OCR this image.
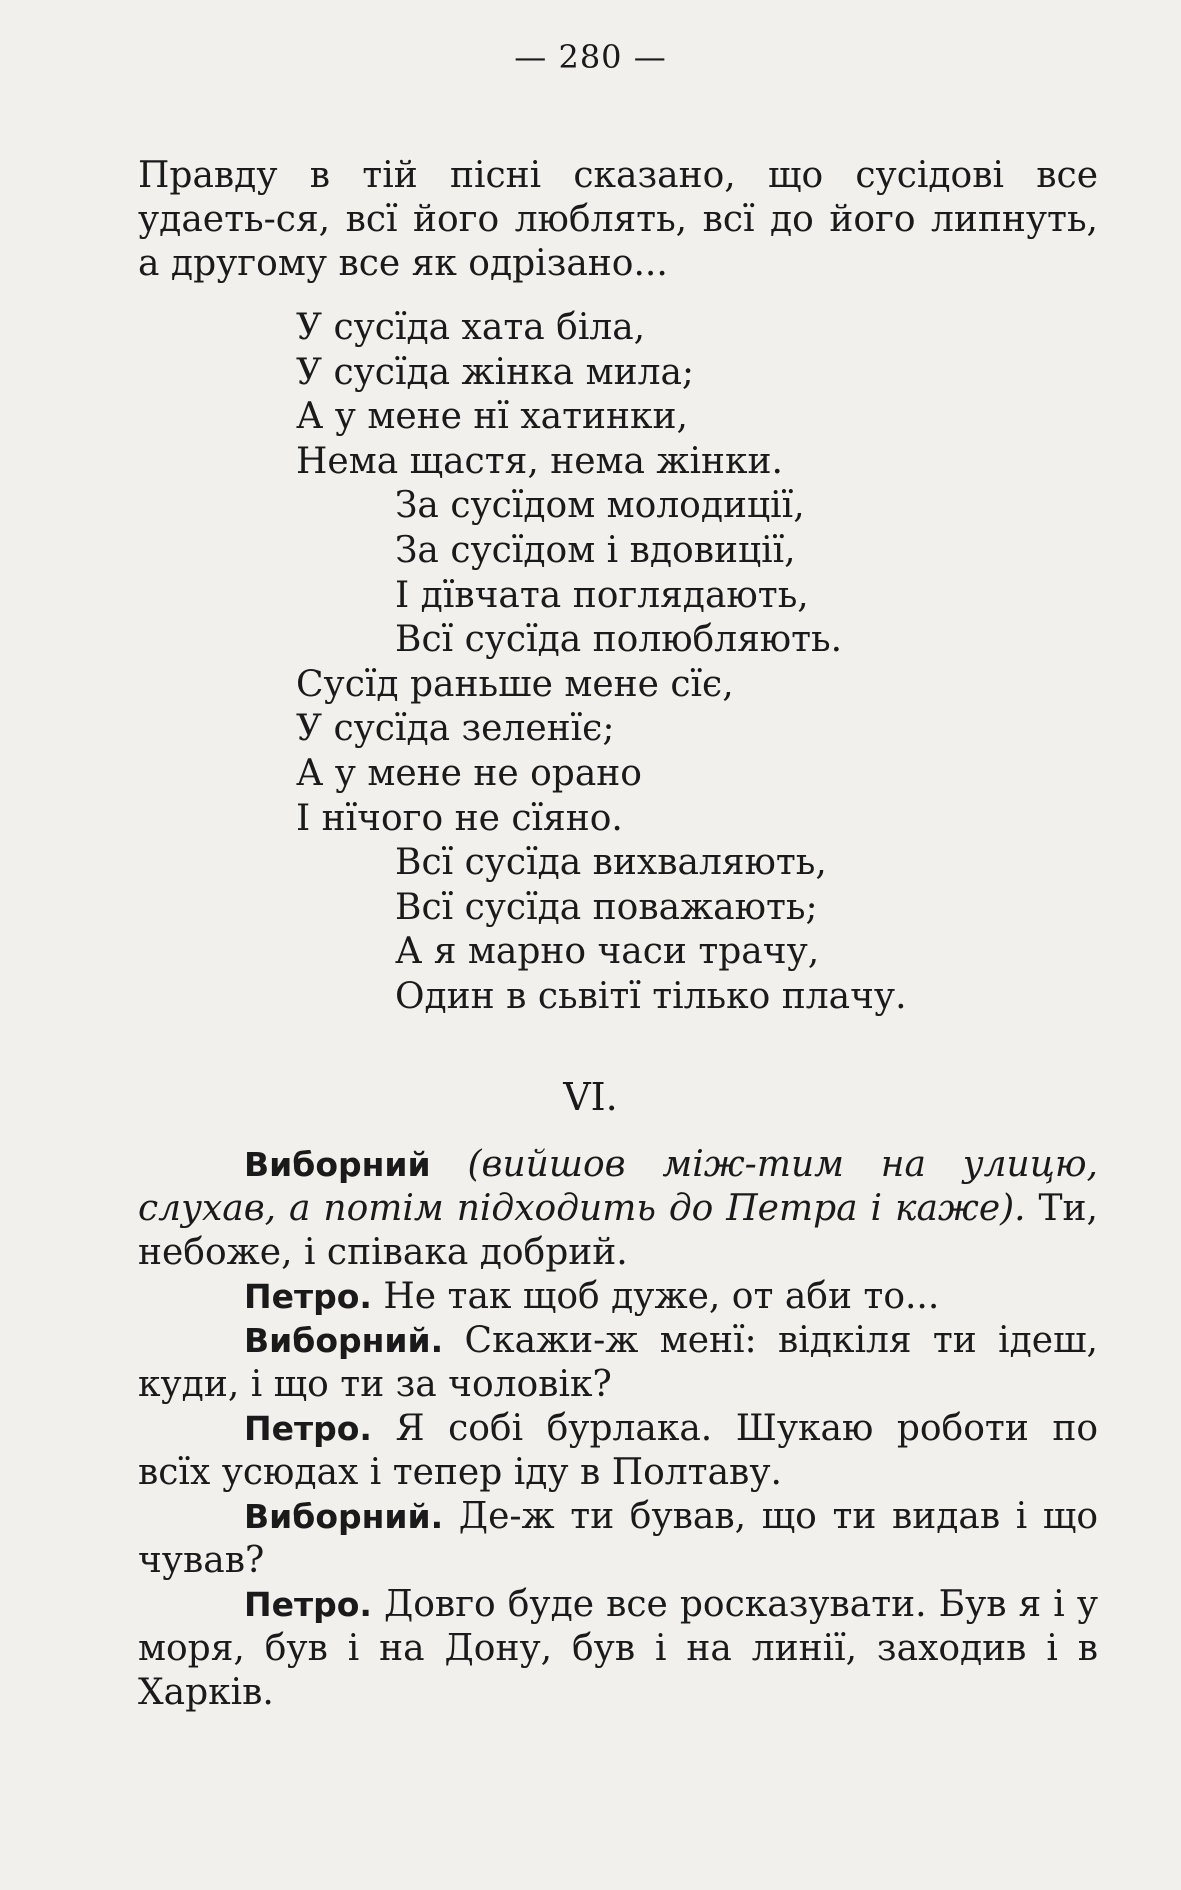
— 280 —

Правду в тій пісні сказано, що сусідові все удаеть-ся, всї його люблять, всї до його липнуть, а другому все як одрізано...

У сусїда хата біла,
У сусїда жінка мила;
А у мене нї хатинки,
Нема щастя, нема жінки.
За сусїдом молодиції,
За сусїдом і вдовиції,
І дївчата поглядають,
Всї сусїда полюбляють.
Сусїд раньше мене сїє,
У сусїда зеленїє;
А у мене не орано
І нїчого не сїяно.
Всї сусїда вихваляють,
Всї сусїда поважають;
А я марно часи трачу,
Один в сьвітї тілько плачу.
VI.

Виборний (вийшов між-тим на улицю, слухав, а потім підходить до Петра і каже). Ти, небоже, і співака добрий.

Петро. Не так щоб дуже, от аби то...

Виборний. Скажи-ж менї: відкіля ти ідеш, куди, і що ти за чоловік?

Петро. Я собі бурлака. Шукаю роботи по всїх усюдах і тепер іду в Полтаву.

Виборний. Де-ж ти бував, що ти видав і що чував?

Петро. Довго буде все росказувати. Був я і у моря, був і на Дону, був і на линії, заходив і в Харків.
